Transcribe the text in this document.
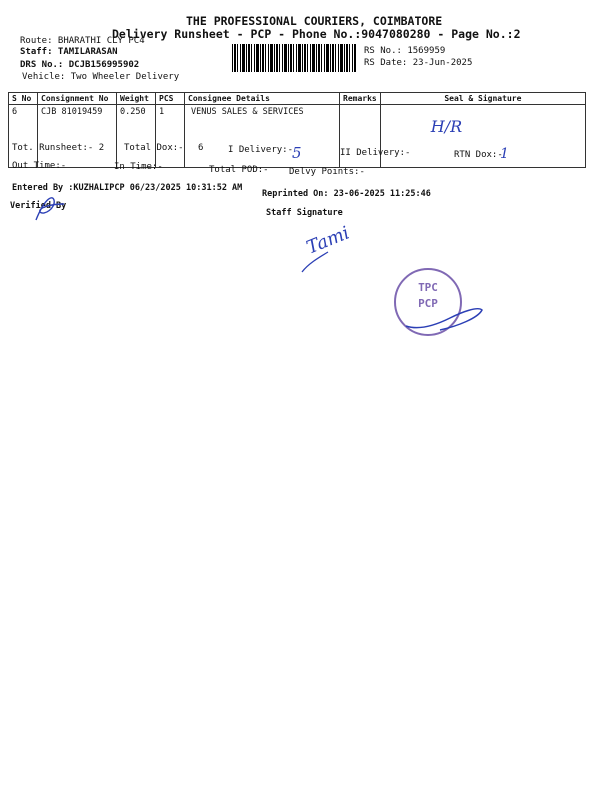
THE PROFESSIONAL COURIERS, COIMBATORE
Delivery Runsheet - PCP - Phone No.:9047080280 - Page No.:2
Route: BHARATHI CLY PC4
Staff: TAMILARASAN
DRS No.: DCJB156995902
Vehicle: Two Wheeler Delivery
RS No.: 1569959
RS Date: 23-Jun-2025
S No	Consignment No	Weight	PCS	Consignee Details	Remarks	Seal & Signature
6	CJB 81019459	0.250	1	VENUS SALES & SERVICES		H/R
Tot. Runsheet:- 2 Total Dox:- 6	I Delivery:-
5	II Delivery:-	RTN Dox:-
1
Out Time:-	In Time:-	Total POD:- Delvy Points:-
Entered By :KUZHALIPCP 06/23/2025 10:31:52 AM
Reprinted On: 23-06-2025 11:25:46
Verified By
Staff Signature
Tami
TPC
PCP
